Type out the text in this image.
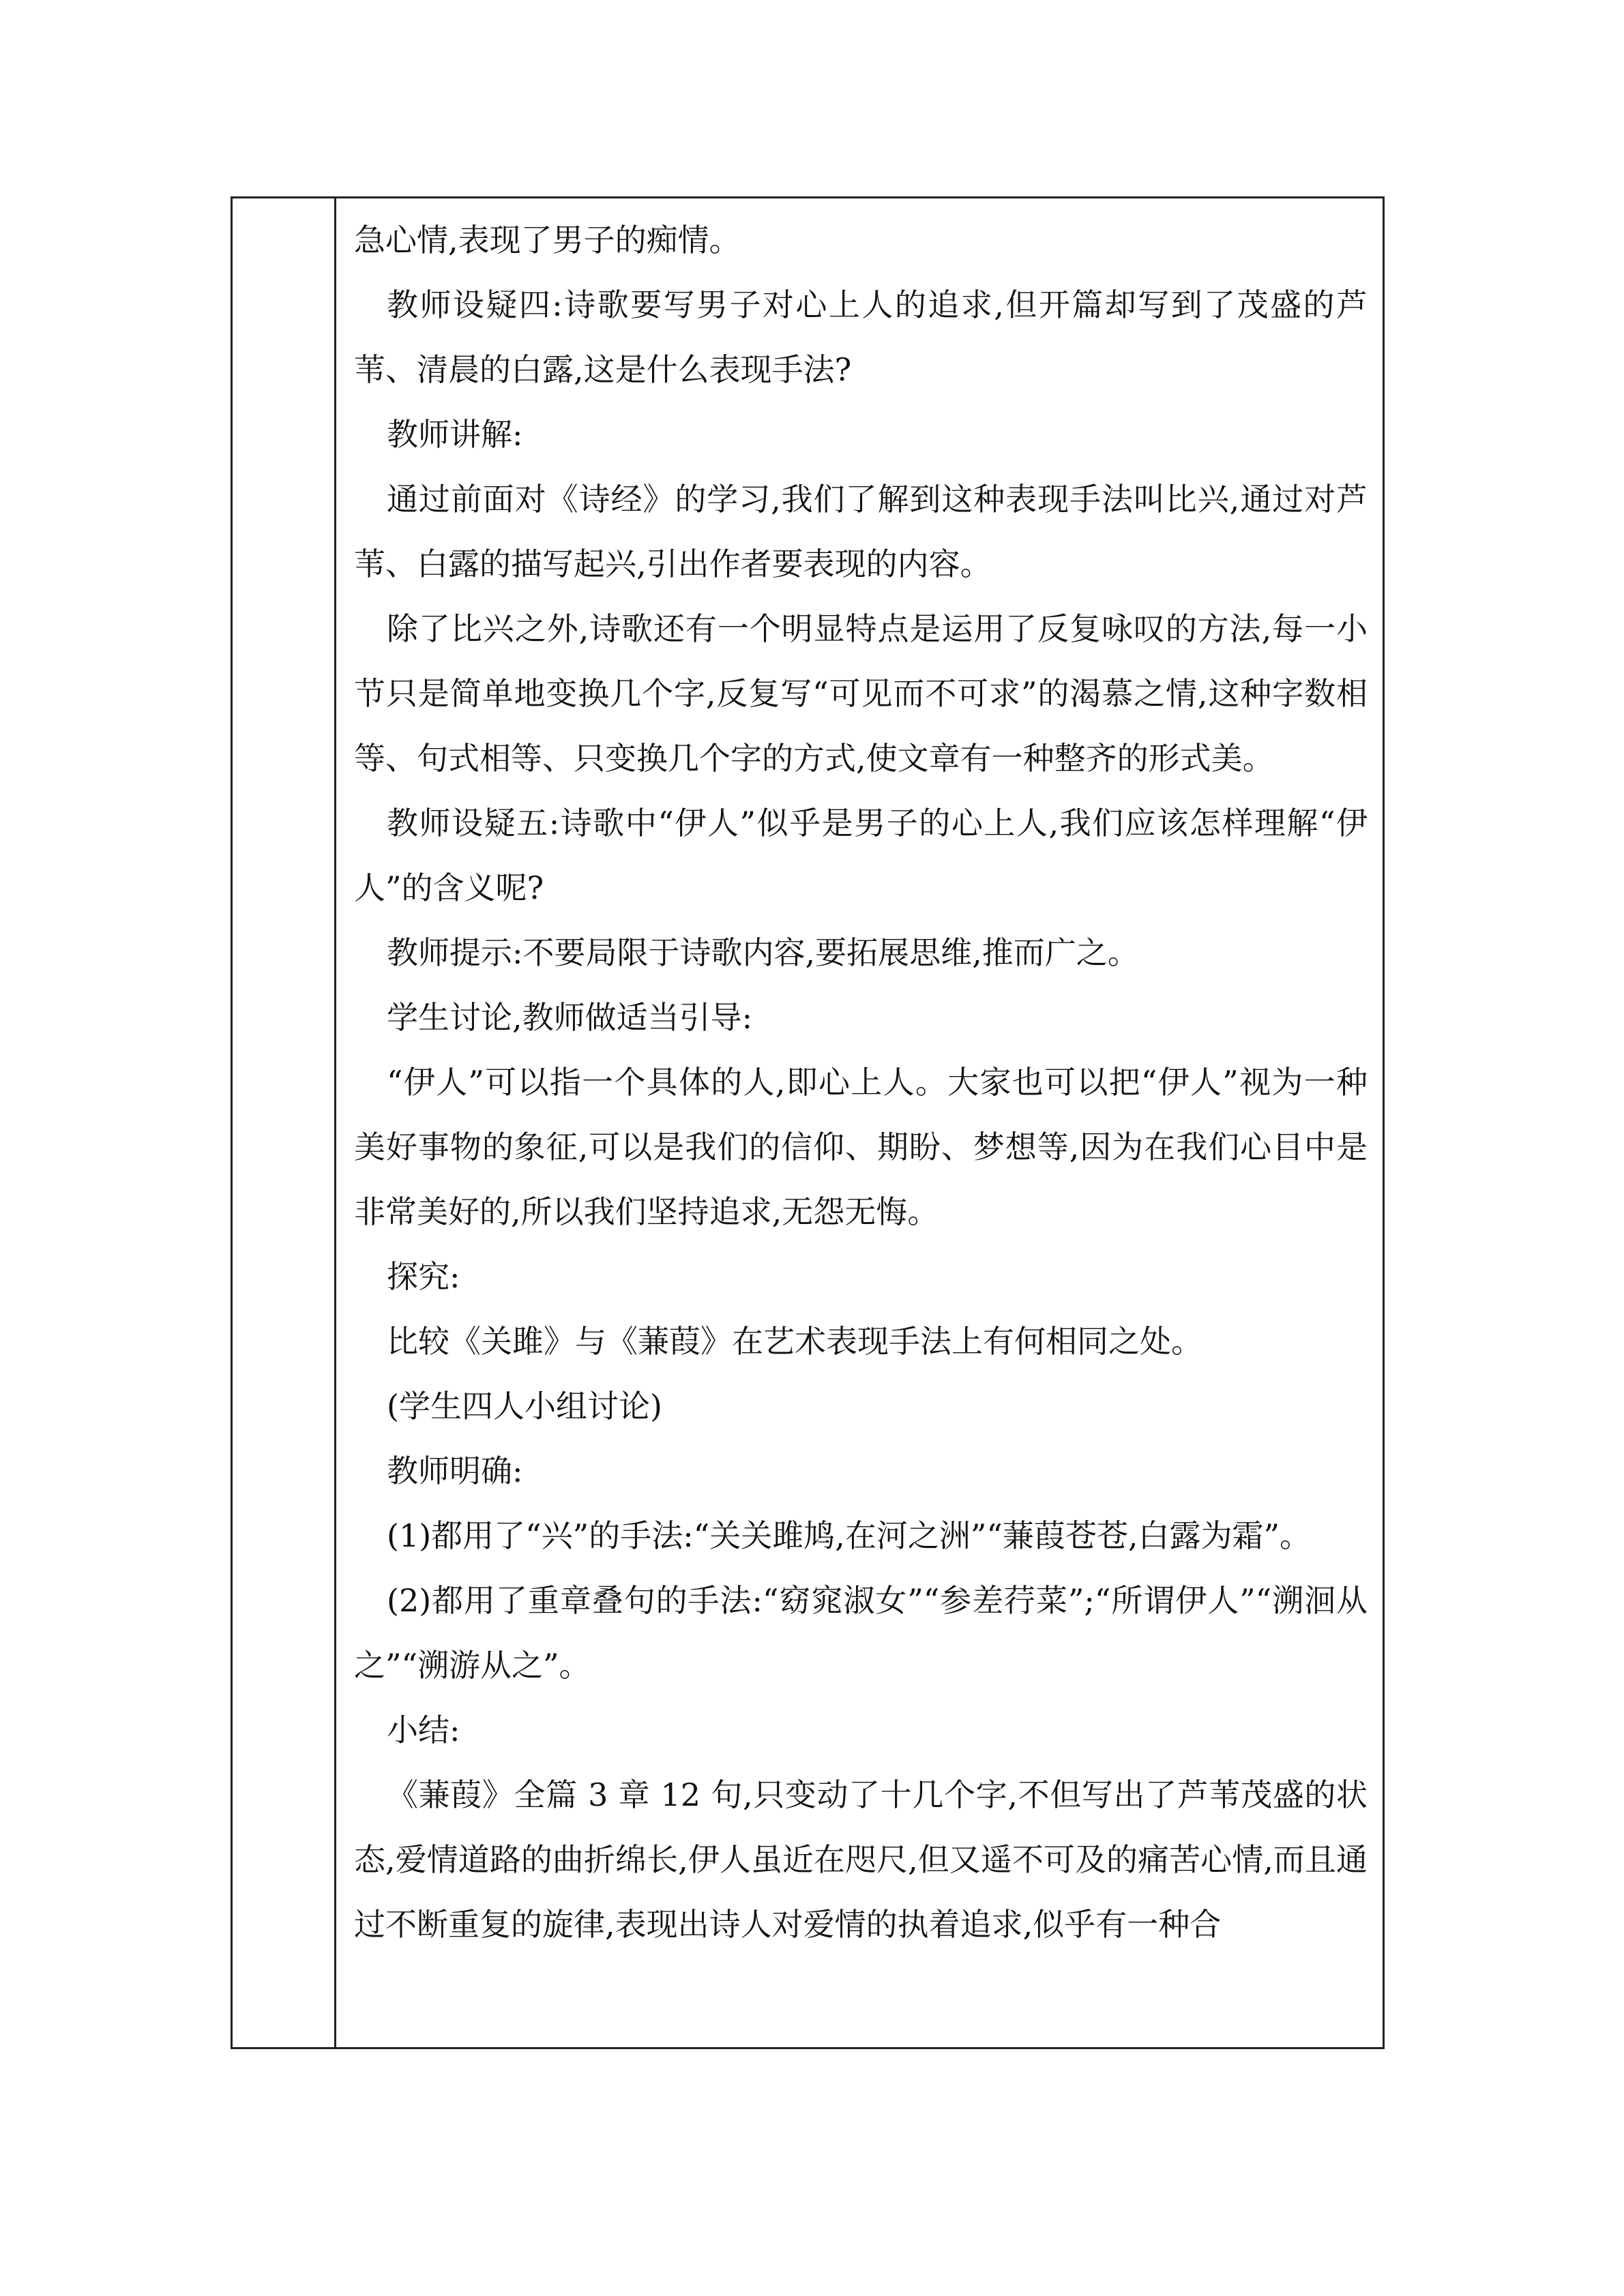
急心情,表现了男子的痴情。

教师设疑四:诗歌要写男子对心上人的追求,但开篇却写到了茂盛的芦苇、清晨的白露,这是什么表现手法?

教师讲解:

通过前面对《诗经》的学习,我们了解到这种表现手法叫比兴,通过对芦苇、白露的描写起兴,引出作者要表现的内容。

除了比兴之外,诗歌还有一个明显特点是运用了反复咏叹的方法,每一小节只是简单地变换几个字,反复写“可见而不可求”的渴慕之情,这种字数相等、句式相等、只变换几个字的方式,使文章有一种整齐的形式美。

教师设疑五:诗歌中“伊人”似乎是男子的心上人,我们应该怎样理解“伊人”的含义呢?

教师提示:不要局限于诗歌内容,要拓展思维,推而广之。

学生讨论,教师做适当引导:

“伊人”可以指一个具体的人,即心上人。大家也可以把“伊人”视为一种美好事物的象征,可以是我们的信仰、期盼、梦想等,因为在我们心目中是非常美好的,所以我们坚持追求,无怨无悔。

探究:

比较《关雎》与《蒹葭》在艺术表现手法上有何相同之处。

(学生四人小组讨论)

教师明确:

(1)都用了“兴”的手法:“关关雎鸠,在河之洲”“蒹葭苍苍,白露为霜”。

(2)都用了重章叠句的手法:“窈窕淑女”“参差荇菜”;“所谓伊人”“溯洄从之”“溯游从之”。

小结:

《蒹葭》全篇 3 章 12 句,只变动了十几个字,不但写出了芦苇茂盛的状态,爱情道路的曲折绵长,伊人虽近在咫尺,但又遥不可及的痛苦心情,而且通过不断重复的旋律,表现出诗人对爱情的执着追求,似乎有一种合
